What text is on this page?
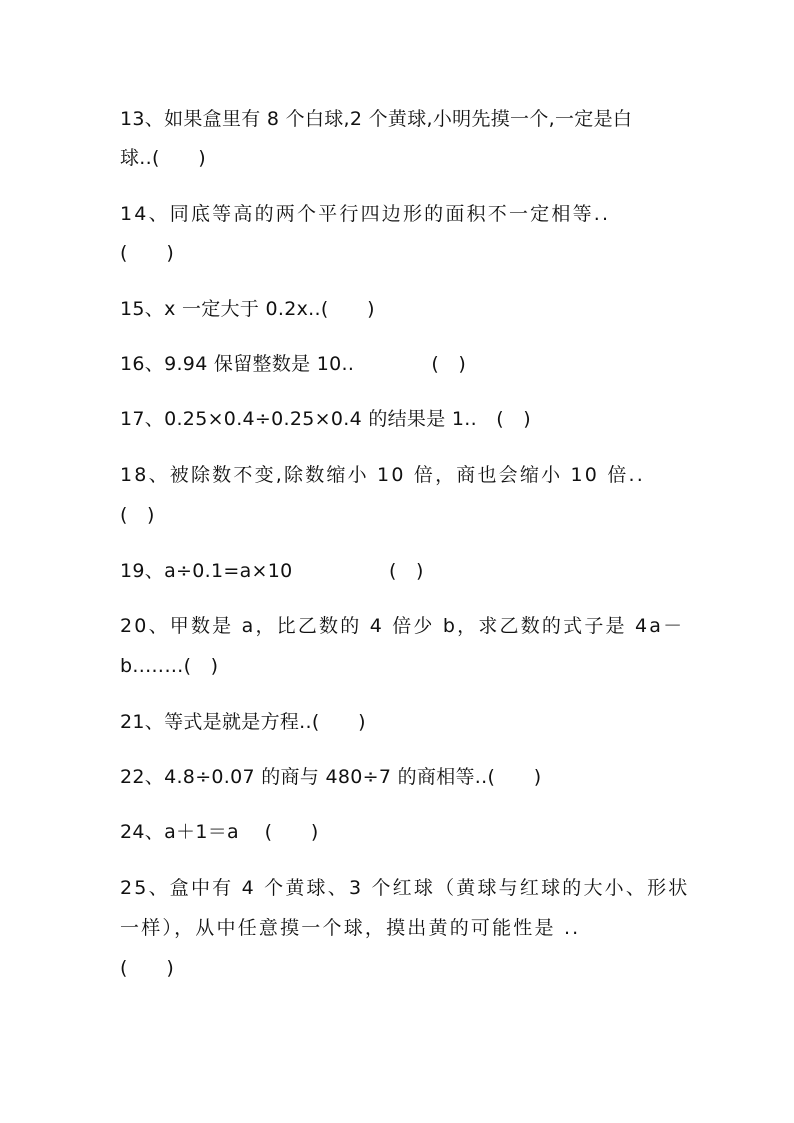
13、如果盒里有 8 个白球,2 个黄球,小明先摸一个,一定是白
球..(　　)
14、同底等高的两个平行四边形的面积不一定相等..
(　　)
15、x 一定大于 0.2x..(　　)
16、9.94 保留整数是 10..　　　　(　)
17、0.25×0.4÷0.25×0.4 的结果是 1..　(　)
18、被除数不变,除数缩小 10 倍，商也会缩小 10 倍..
(　)
19、a÷0.1=a×10　　　　　(　)
20、甲数是 a，比乙数的 4 倍少 b，求乙数的式子是 4a－
b..……(　)
21、等式是就是方程..(　　)
22、4.8÷0.07 的商与 480÷7 的商相等..(　　)
24、a＋1＝a　 (　　)
25、盒中有 4 个黄球、3 个红球（黄球与红球的大小、形状
一样），从中任意摸一个球，摸出黄的可能性是 ..
(　　)
